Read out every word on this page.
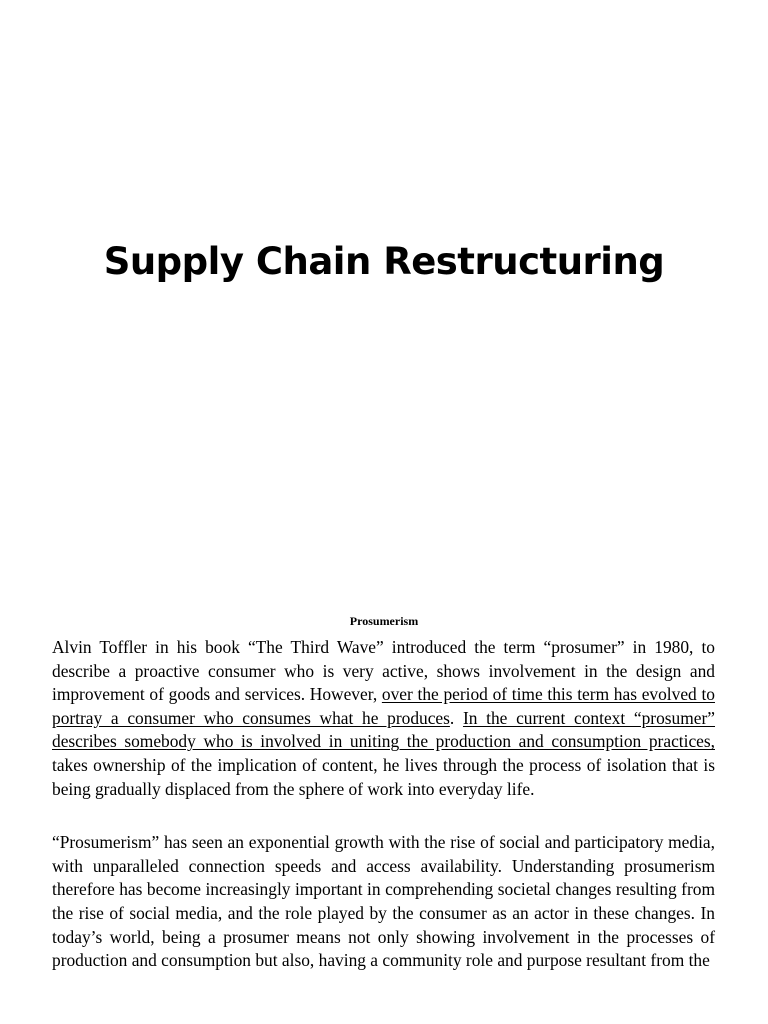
Supply Chain Restructuring
Prosumerism

Alvin Toffler in his book “The Third Wave” introduced the term “prosumer” in 1980, to describe a proactive consumer who is very active, shows involvement in the design and improvement of goods and services. However, over the period of time this term has evolved to portray a consumer who consumes what he produces. In the current context “prosumer” describes somebody who is involved in uniting the production and consumption practices, takes ownership of the implication of content, he lives through the process of isolation that is being gradually displaced from the sphere of work into everyday life.

“Prosumerism” has seen an exponential growth with the rise of social and participatory media, with unparalleled connection speeds and access availability. Understanding prosumerism therefore has become increasingly important in comprehending societal changes resulting from the rise of social media, and the role played by the consumer as an actor in these changes. In today’s world, being a prosumer means not only showing involvement in the processes of production and consumption but also, having a community role and purpose resultant from the
